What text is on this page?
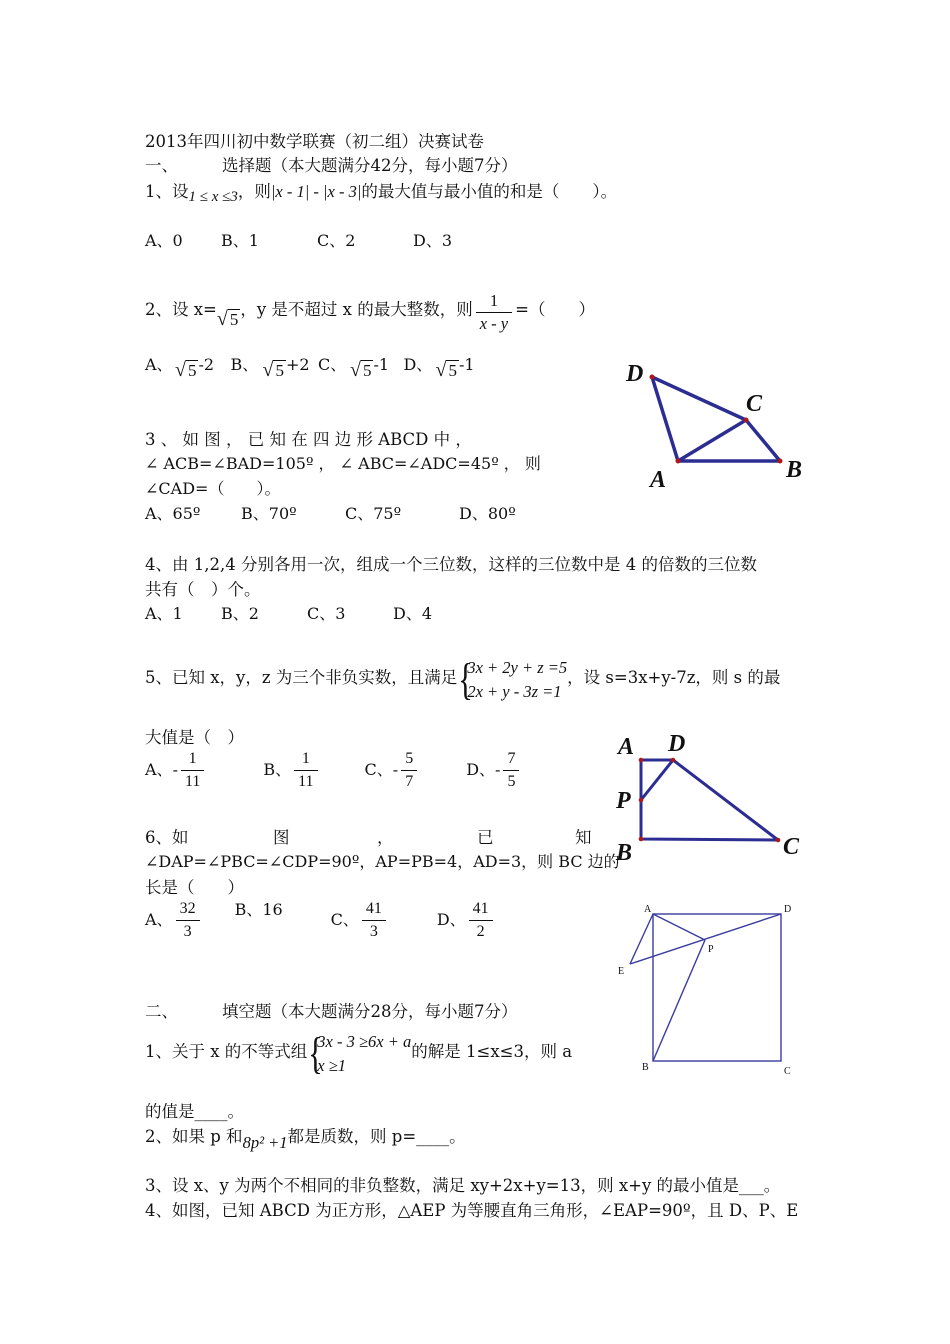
2013年四川初中数学联赛（初二组）决赛试卷
一、	选择题（本大题满分42分，每小题7分）
1、设1 ≤ x ≤3，则|x - 1| - |x - 3|的最大值与最小值的和是（　　）。
A、0 B、1	C、2	D、3
2、设 x=√ 5，y 是不超过 x 的最大整数，则 $\frac{1}{x - y}$ =（　　）
A、 √ 5 -2 B、 √ 5 +2 C、 √ 5 -1 D、 √ 5 -1
3 、 如 图 ， 已 知 在 四 边 形 ABCD 中 ，
∠ ACB=∠BAD=105º ， ∠ ABC=∠ADC=45º ， 则
∠CAD=（　　）。
A、65º	B、70º	C、75º	D、80º
4、由 1,2,4 分别各用一次，组成一个三位数，这样的三位数中是 4 的倍数的三位数
共有（　）个。
A、1 B、2	C、3	D、4
5、已知 x，y，z 为三个非负实数，且满足 { 3x + 2y + z =5
2x + y - 3z =1
，设 s=3x+y-7z，则 s 的最
大值是（　）
A、- $\frac{1}{11}$	B、 $\frac{1}{11}$	C、- $\frac{5}{7}$	D、- $\frac{7}{5}$
6、如	图	，	已	知
∠DAP=∠PBC=∠CDP=90º，AP=PB=4，AD=3，则 BC 边的
长是（　　）
A、 $\frac{32}{3}$ B、16C、 $\frac{41}{3}$	D、 $\frac{41}{2}$
二、	填空题（本大题满分28分，每小题7分）
1、关于 x 的不等式组 { 3x - 3 ≥6x + a
x ≥1
的解是 1≤x≤3，则 a
的值是____。
2、如果 p 和8p² +1都是质数，则 p=____。
3、设 x、y 为两个不相同的非负整数，满足 xy+2x+y=13，则 x+y 的最小值是___。
4、如图，已知 ABCD 为正方形，△AEP 为等腰直角三角形，∠EAP=90º，且 D、P、E
D
C
A	B
A D
P
B	C
A	D
P
E
B	C
